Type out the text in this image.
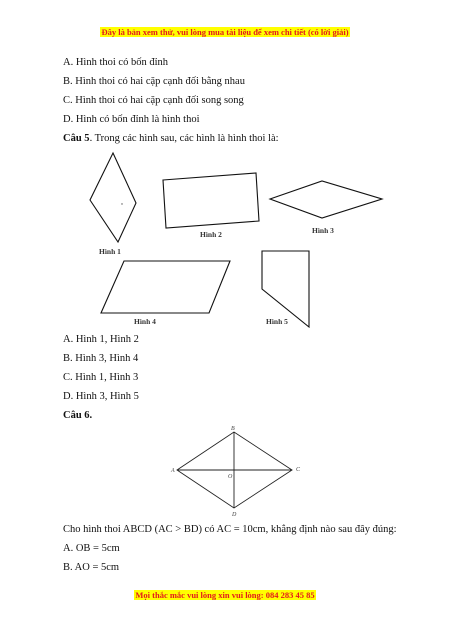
Đây là bản xem thử, vui lòng mua tài liệu để xem chi tiết (có lời giải)
A. Hình thoi có bốn đỉnh
B. Hình thoi có hai cặp cạnh đối bằng nhau
C. Hình thoi có hai cặp cạnh đối song song
D. Hình có bốn đỉnh là hình thoi
Câu 5. Trong các hình sau, các hình là hình thoi là:
Hình 1
Hình 2	Hình 3
Hình 4	Hình 5
A. Hình 1, Hình 2
B. Hình 3, Hình 4
C. Hình 1, Hình 3
D. Hình 3, Hình 5
Câu 6.
B
A	C
O
D
Cho hình thoi ABCD (AC > BD) có AC = 10cm, khẳng định nào sau đây đúng:
A. OB = 5cm
B. AO = 5cm
Mọi thắc mắc vui lòng xin vui lòng: 084 283 45 85
